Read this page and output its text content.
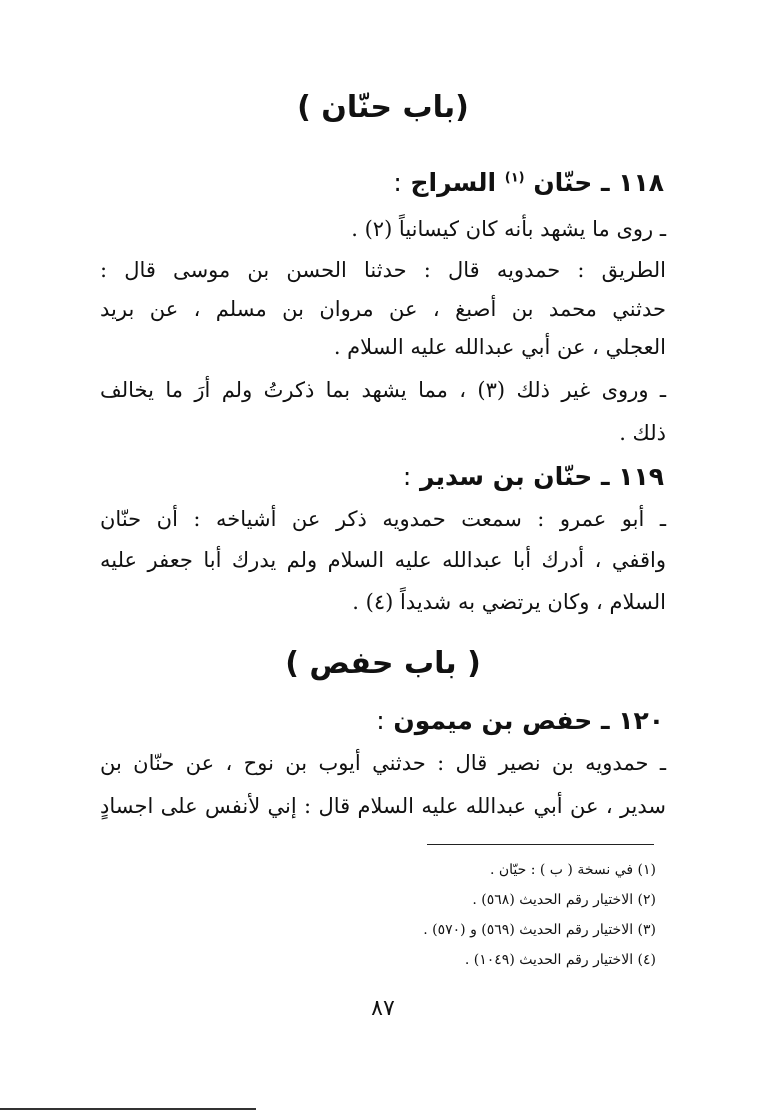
(باب حنّان )
١١٨ ـ حنّان $^{(١)}$ السراج :
ـ روى ما يشهد بأنه كان كيسانياً (٢) .
الطريق : حمدويه قال : حدثنا الحسن بن موسى قال :
حدثني محمد بن أصبغ ، عن مروان بن مسلم ، عن بريد
العجلي ، عن أبي عبدالله عليه السلام .
ـ وروى غير ذلك (٣) ، مما يشهد بما ذكرتُ ولم أرَ ما يخالف
ذلك .
١١٩ ـ حنّان بن سدير :
ـ أبو عمرو : سمعت حمدويه ذكر عن أشياخه : أن حنّان
واقفي ، أدرك أبا عبدالله عليه السلام ولم يدرك أبا جعفر عليه
السلام ، وكان يرتضي به شديداً (٤) .
( باب حفص )
١٢٠ ـ حفص بن ميمون :
ـ حمدويه بن نصير قال : حدثني أيوب بن نوح ، عن حنّان بن
سدير ، عن أبي عبدالله عليه السلام قال : إني لأنفس على اجسادٍ
(١) في نسخة ( ب ) : حيّان .
(٢) الاختيار رقم الحديث (٥٦٨) .
(٣) الاختيار رقم الحديث (٥٦٩) و (٥٧٠) .
(٤) الاختيار رقم الحديث (١٠٤٩) .
٨٧
